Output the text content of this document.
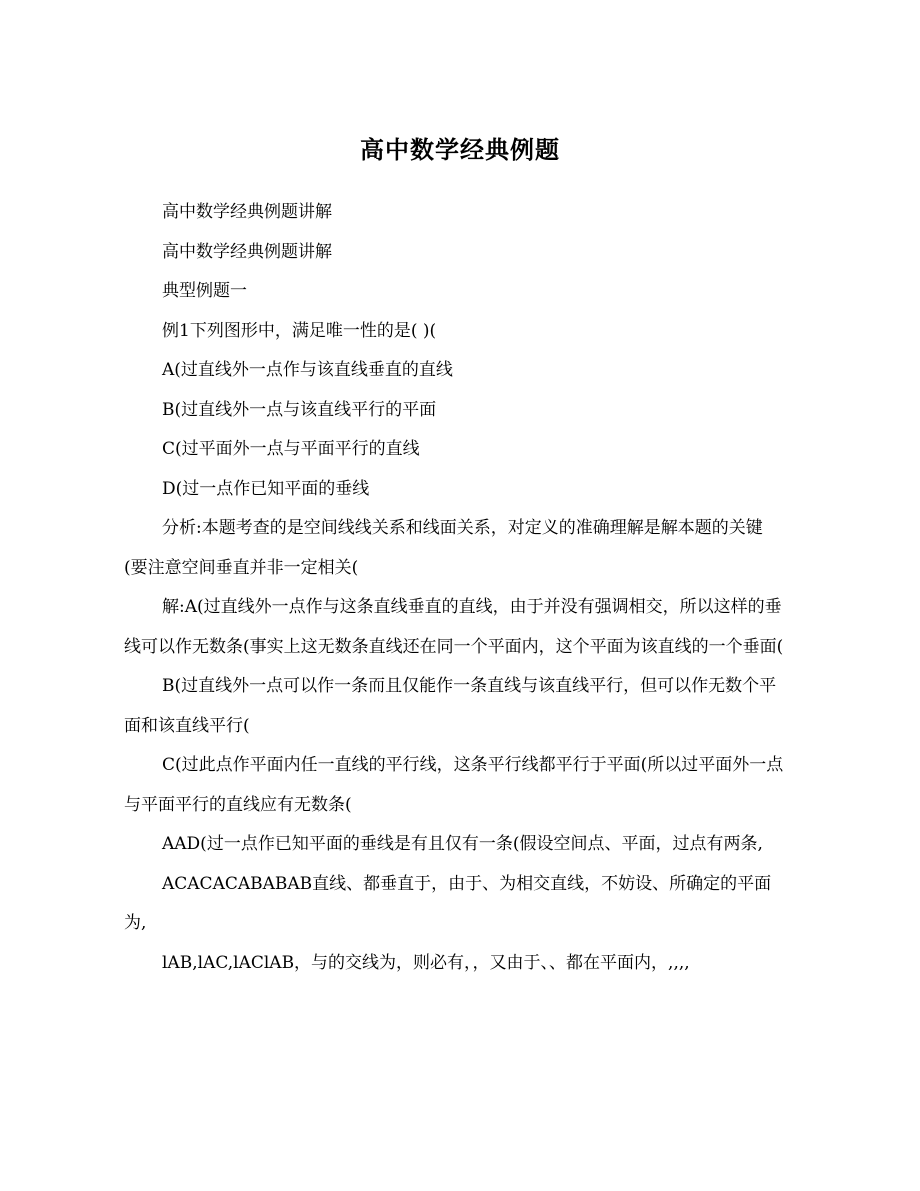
高中数学经典例题

高中数学经典例题讲解

高中数学经典例题讲解

典型例题一

例1下列图形中，满足唯一性的是( )(

A(过直线外一点作与该直线垂直的直线

B(过直线外一点与该直线平行的平面

C(过平面外一点与平面平行的直线

D(过一点作已知平面的垂线

分析:本题考查的是空间线线关系和线面关系，对定义的准确理解是解本题的关键(要注意空间垂直并非一定相关(

解:A(过直线外一点作与这条直线垂直的直线，由于并没有强调相交，所以这样的垂线可以作无数条(事实上这无数条直线还在同一个平面内，这个平面为该直线的一个垂面(

B(过直线外一点可以作一条而且仅能作一条直线与该直线平行，但可以作无数个平面和该直线平行(

C(过此点作平面内任一直线的平行线，这条平行线都平行于平面(所以过平面外一点与平面平行的直线应有无数条(

AAD(过一点作已知平面的垂线是有且仅有一条(假设空间点、平面，过点有两条,

ACACACABABAB直线、都垂直于，由于、为相交直线，不妨设、所确定的平面为,

lAB,lAC,lAClAB，与的交线为，则必有，，又由于、、都在平面内，,,,,
